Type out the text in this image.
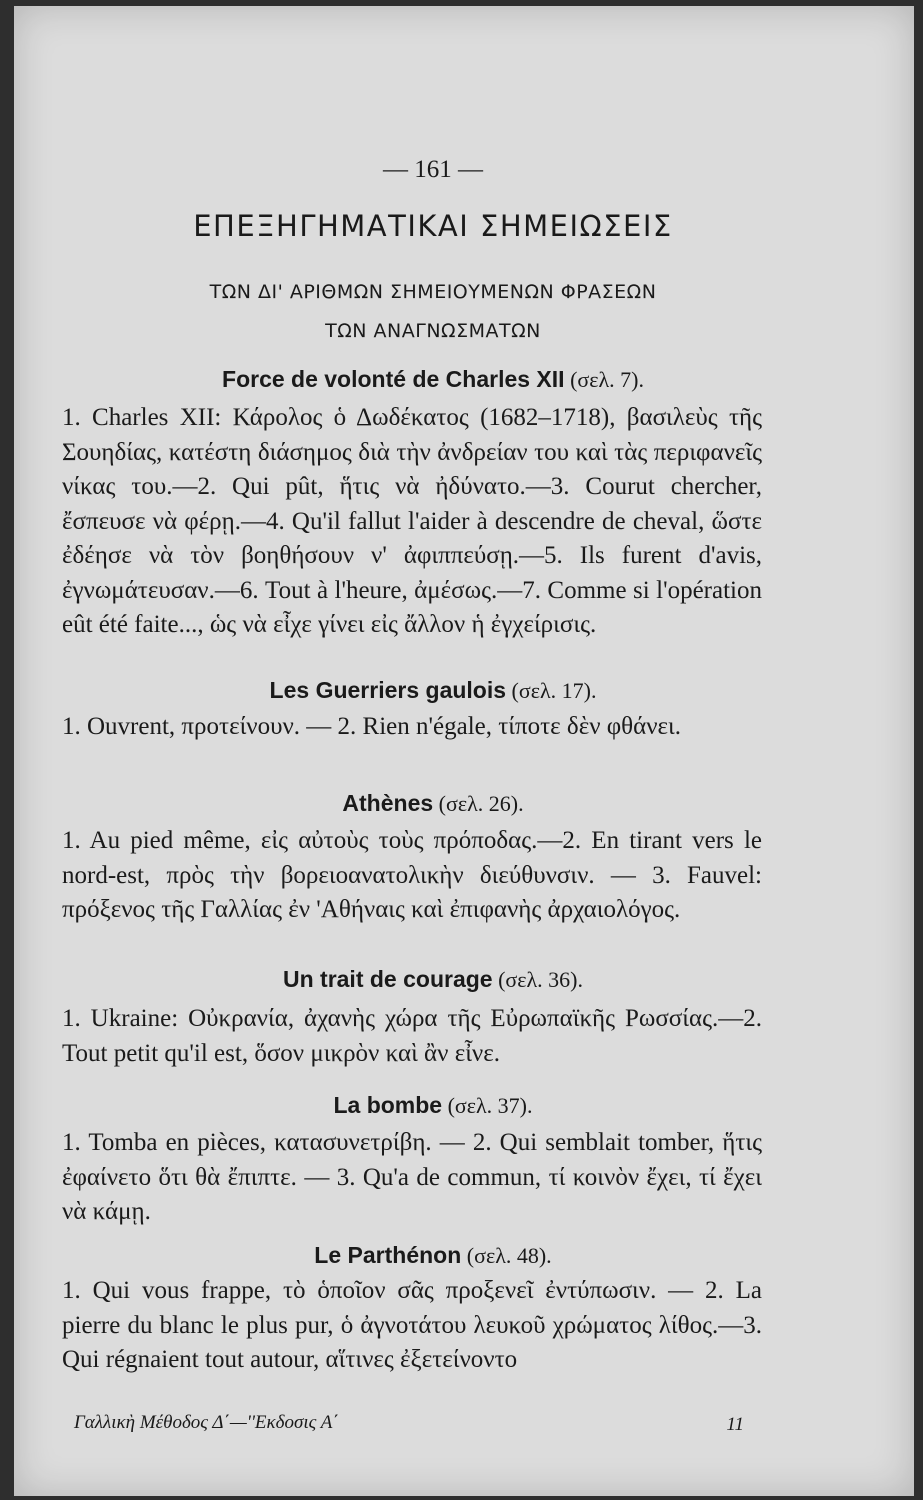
— 161 —
ΕΠΕΞΗΓΗΜΑΤΙΚΑΙ ΣΗΜΕΙΩΣΕΙΣ
ΤΩΝ ΔΙ' ΑΡΙΘΜΩΝ ΣΗΜΕΙΟΥΜΕΝΩΝ ΦΡΑΣΕΩΝ
ΤΩΝ ΑΝΑΓΝΩΣΜΑΤΩΝ
Force de volonté de Charles XII (σελ. 7).
1. Charles XII: Κάρολος ὁ Δωδέκατος (1682–1718), βασιλεὺς τῆς Σουηδίας, κατέστη διάσημος διὰ τὴν ἀνδρείαν του καὶ τὰς περιφανεῖς νίκας του.—2. Qui pût, ἥτις νὰ ἠδύνατο.—3. Courut chercher, ἔσπευσε νὰ φέρῃ.—4. Qu'il fallut l'aider à descendre de cheval, ὥστε ἐδέησε νὰ τὸν βοηθήσουν ν' ἀφιππεύσῃ.—5. Ils furent d'avis, ἐγνωμάτευσαν.—6. Tout à l'heure, ἀμέσως.—7. Comme si l'opération eût été faite..., ὡς νὰ εἶχε γίνει εἰς ἄλλον ἡ ἐγχείρισις.
Les Guerriers gaulois (σελ. 17).
1. Ouvrent, προτείνουν. — 2. Rien n'égale, τίποτε δὲν φθάνει.
Athènes (σελ. 26).
1. Au pied même, εἰς αὐτοὺς τοὺς πρόποδας.—2. En tirant vers le nord-est, πρὸς τὴν βορειοανατολικὴν διεύθυνσιν. — 3. Fauvel: πρόξενος τῆς Γαλλίας ἐν 'Αθήναις καὶ ἐπιφανὴς ἀρχαιολόγος.
Un trait de courage (σελ. 36).
1. Ukraine: Οὐκρανία, ἀχανὴς χώρα τῆς Εὐρωπαϊκῆς Ρωσσίας.—2. Tout petit qu'il est, ὅσον μικρὸν καὶ ἂν εἶνε.
La bombe (σελ. 37).
1. Tomba en pièces, κατασυνετρίβη. — 2. Qui semblait tomber, ἥτις ἐφαίνετο ὅτι θὰ ἔπιπτε. — 3. Qu'a de commun, τί κοινὸν ἔχει, τί ἔχει νὰ κάμῃ.
Le Parthénon (σελ. 48).
1. Qui vous frappe, τὸ ὁποῖον σᾶς προξενεῖ ἐντύπωσιν. — 2. La pierre du blanc le plus pur, ὁ ἀγνοτάτου λευκοῦ χρώματος λίθος.—3. Qui régnaient tout autour, αἵτινες ἐξετείνοντο
Γαλλικὴ Μέθοδος Δ΄—''Εκδοσις Α΄	11
